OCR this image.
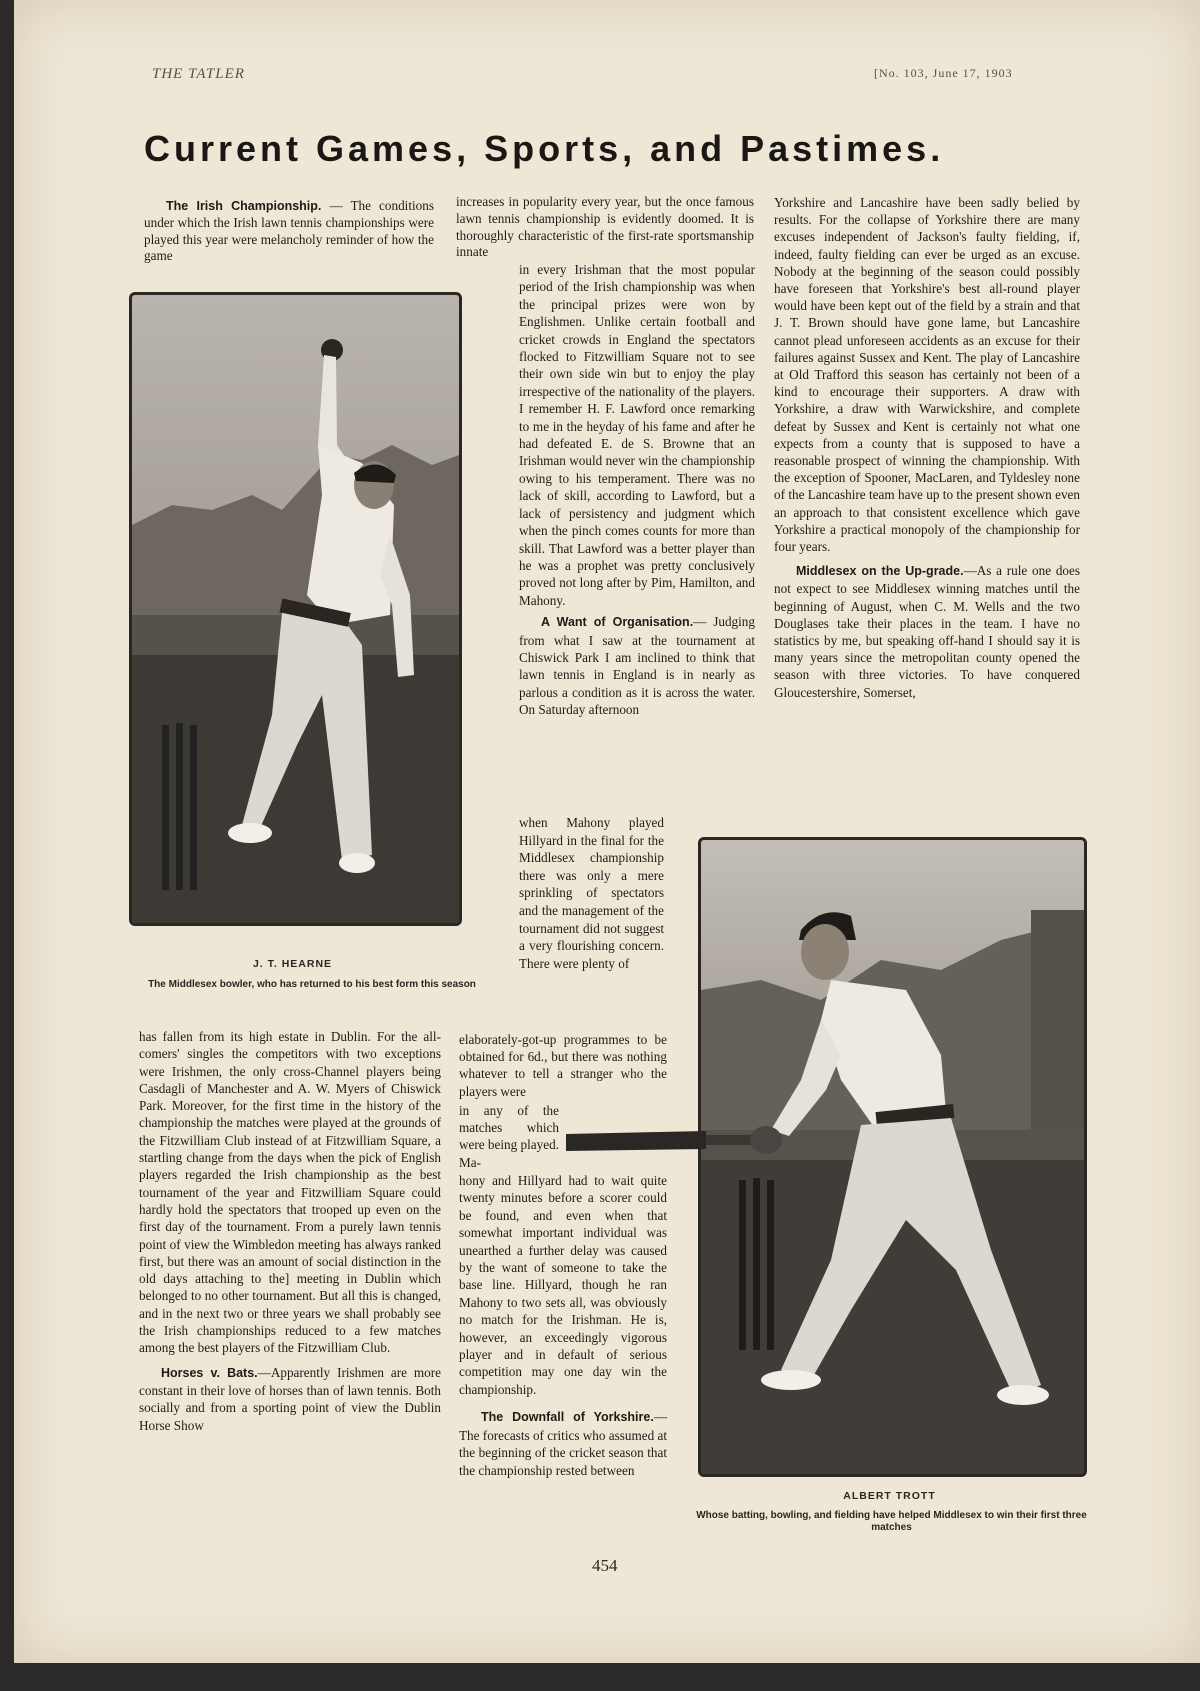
THE TATLER	[No. 103, June 17, 1903
Current Games, Sports, and Pastimes.

The Irish Championship. — The conditions under which the Irish lawn tennis championships were played this year were melancholy reminder of how the game

J. T. HEARNE
The Middlesex bowler, who has returned to his best form this season

has fallen from its high estate in Dublin. For the all-comers' singles the competitors with two exceptions were Irishmen, the only cross-Channel players being Casdagli of Manchester and A. W. Myers of Chiswick Park. Moreover, for the first time in the history of the championship the matches were played at the grounds of the Fitzwilliam Club instead of at Fitzwilliam Square, a startling change from the days when the pick of English players regarded the Irish championship as the best tournament of the year and Fitzwilliam Square could hardly hold the spectators that trooped up even on the first day of the tournament. From a purely lawn tennis point of view the Wimbledon meeting has always ranked first, but there was an amount of social distinction in the old days attaching to the] meeting in Dublin which belonged to no other tournament. But all this is changed, and in the next two or three years we shall probably see the Irish championships reduced to a few matches among the best players of the Fitzwilliam Club.

Horses v. Bats.—Apparently Irishmen are more constant in their love of horses than of lawn tennis. Both socially and from a sporting point of view the Dublin Horse Show

increases in popularity every year, but the once famous lawn tennis championship is evidently doomed. It is thoroughly characteristic of the first-rate sportsmanship innate

in every Irishman that the most popular period of the Irish championship was when the principal prizes were won by Englishmen. Unlike certain football and cricket crowds in England the spectators flocked to Fitzwilliam Square not to see their own side win but to enjoy the play irrespective of the nationality of the players. I remember H. F. Lawford once remarking to me in the heyday of his fame and after he had defeated E. de S. Browne that an Irishman would never win the championship owing to his temperament. There was no lack of skill, according to Lawford, but a lack of persistency and judgment which when the pinch comes counts for more than skill. That Lawford was a better player than he was a prophet was pretty conclusively proved not long after by Pim, Hamilton, and Mahony.

A Want of Organisation.— Judging from what I saw at the tournament at Chiswick Park I am inclined to think that lawn tennis in England is in nearly as parlous a condition as it is across the water. On Saturday afternoon

when Mahony played Hillyard in the final for the Middlesex championship there was only a mere sprinkling of spectators and the management of the tournament did not suggest a very flourishing concern. There were plenty of

elaborately-got-up programmes to be obtained for 6d., but there was nothing whatever to tell a stranger who the players were

in any of the matches which were being played. Ma-

hony and Hillyard had to wait quite twenty minutes before a scorer could be found, and even when that somewhat important individual was unearthed a further delay was caused by the want of someone to take the base line. Hillyard, though he ran Mahony to two sets all, was obviously no match for the Irishman. He is, however, an exceedingly vigorous player and in default of serious competition may one day win the championship.

The Downfall of Yorkshire.—The forecasts of critics who assumed at the beginning of the cricket season that the championship rested between

Yorkshire and Lancashire have been sadly belied by results. For the collapse of Yorkshire there are many excuses independent of Jackson's faulty fielding, if, indeed, faulty fielding can ever be urged as an excuse. Nobody at the beginning of the season could possibly have foreseen that Yorkshire's best all-round player would have been kept out of the field by a strain and that J. T. Brown should have gone lame, but Lancashire cannot plead unforeseen accidents as an excuse for their failures against Sussex and Kent. The play of Lancashire at Old Trafford this season has certainly not been of a kind to encourage their supporters. A draw with Yorkshire, a draw with Warwickshire, and complete defeat by Sussex and Kent is certainly not what one expects from a county that is supposed to have a reasonable prospect of winning the championship. With the exception of Spooner, MacLaren, and Tyldesley none of the Lancashire team have up to the present shown even an approach to that consistent excellence which gave Yorkshire a practical monopoly of the championship for four years.

Middlesex on the Up-grade.—As a rule one does not expect to see Middlesex winning matches until the beginning of August, when C. M. Wells and the two Douglases take their places in the team. I have no statistics by me, but speaking off-hand I should say it is many years since the metropolitan county opened the season with three victories. To have conquered Gloucestershire, Somerset,

ALBERT TROTT
Whose batting, bowling, and fielding have helped Middlesex to win their first three matches
454
